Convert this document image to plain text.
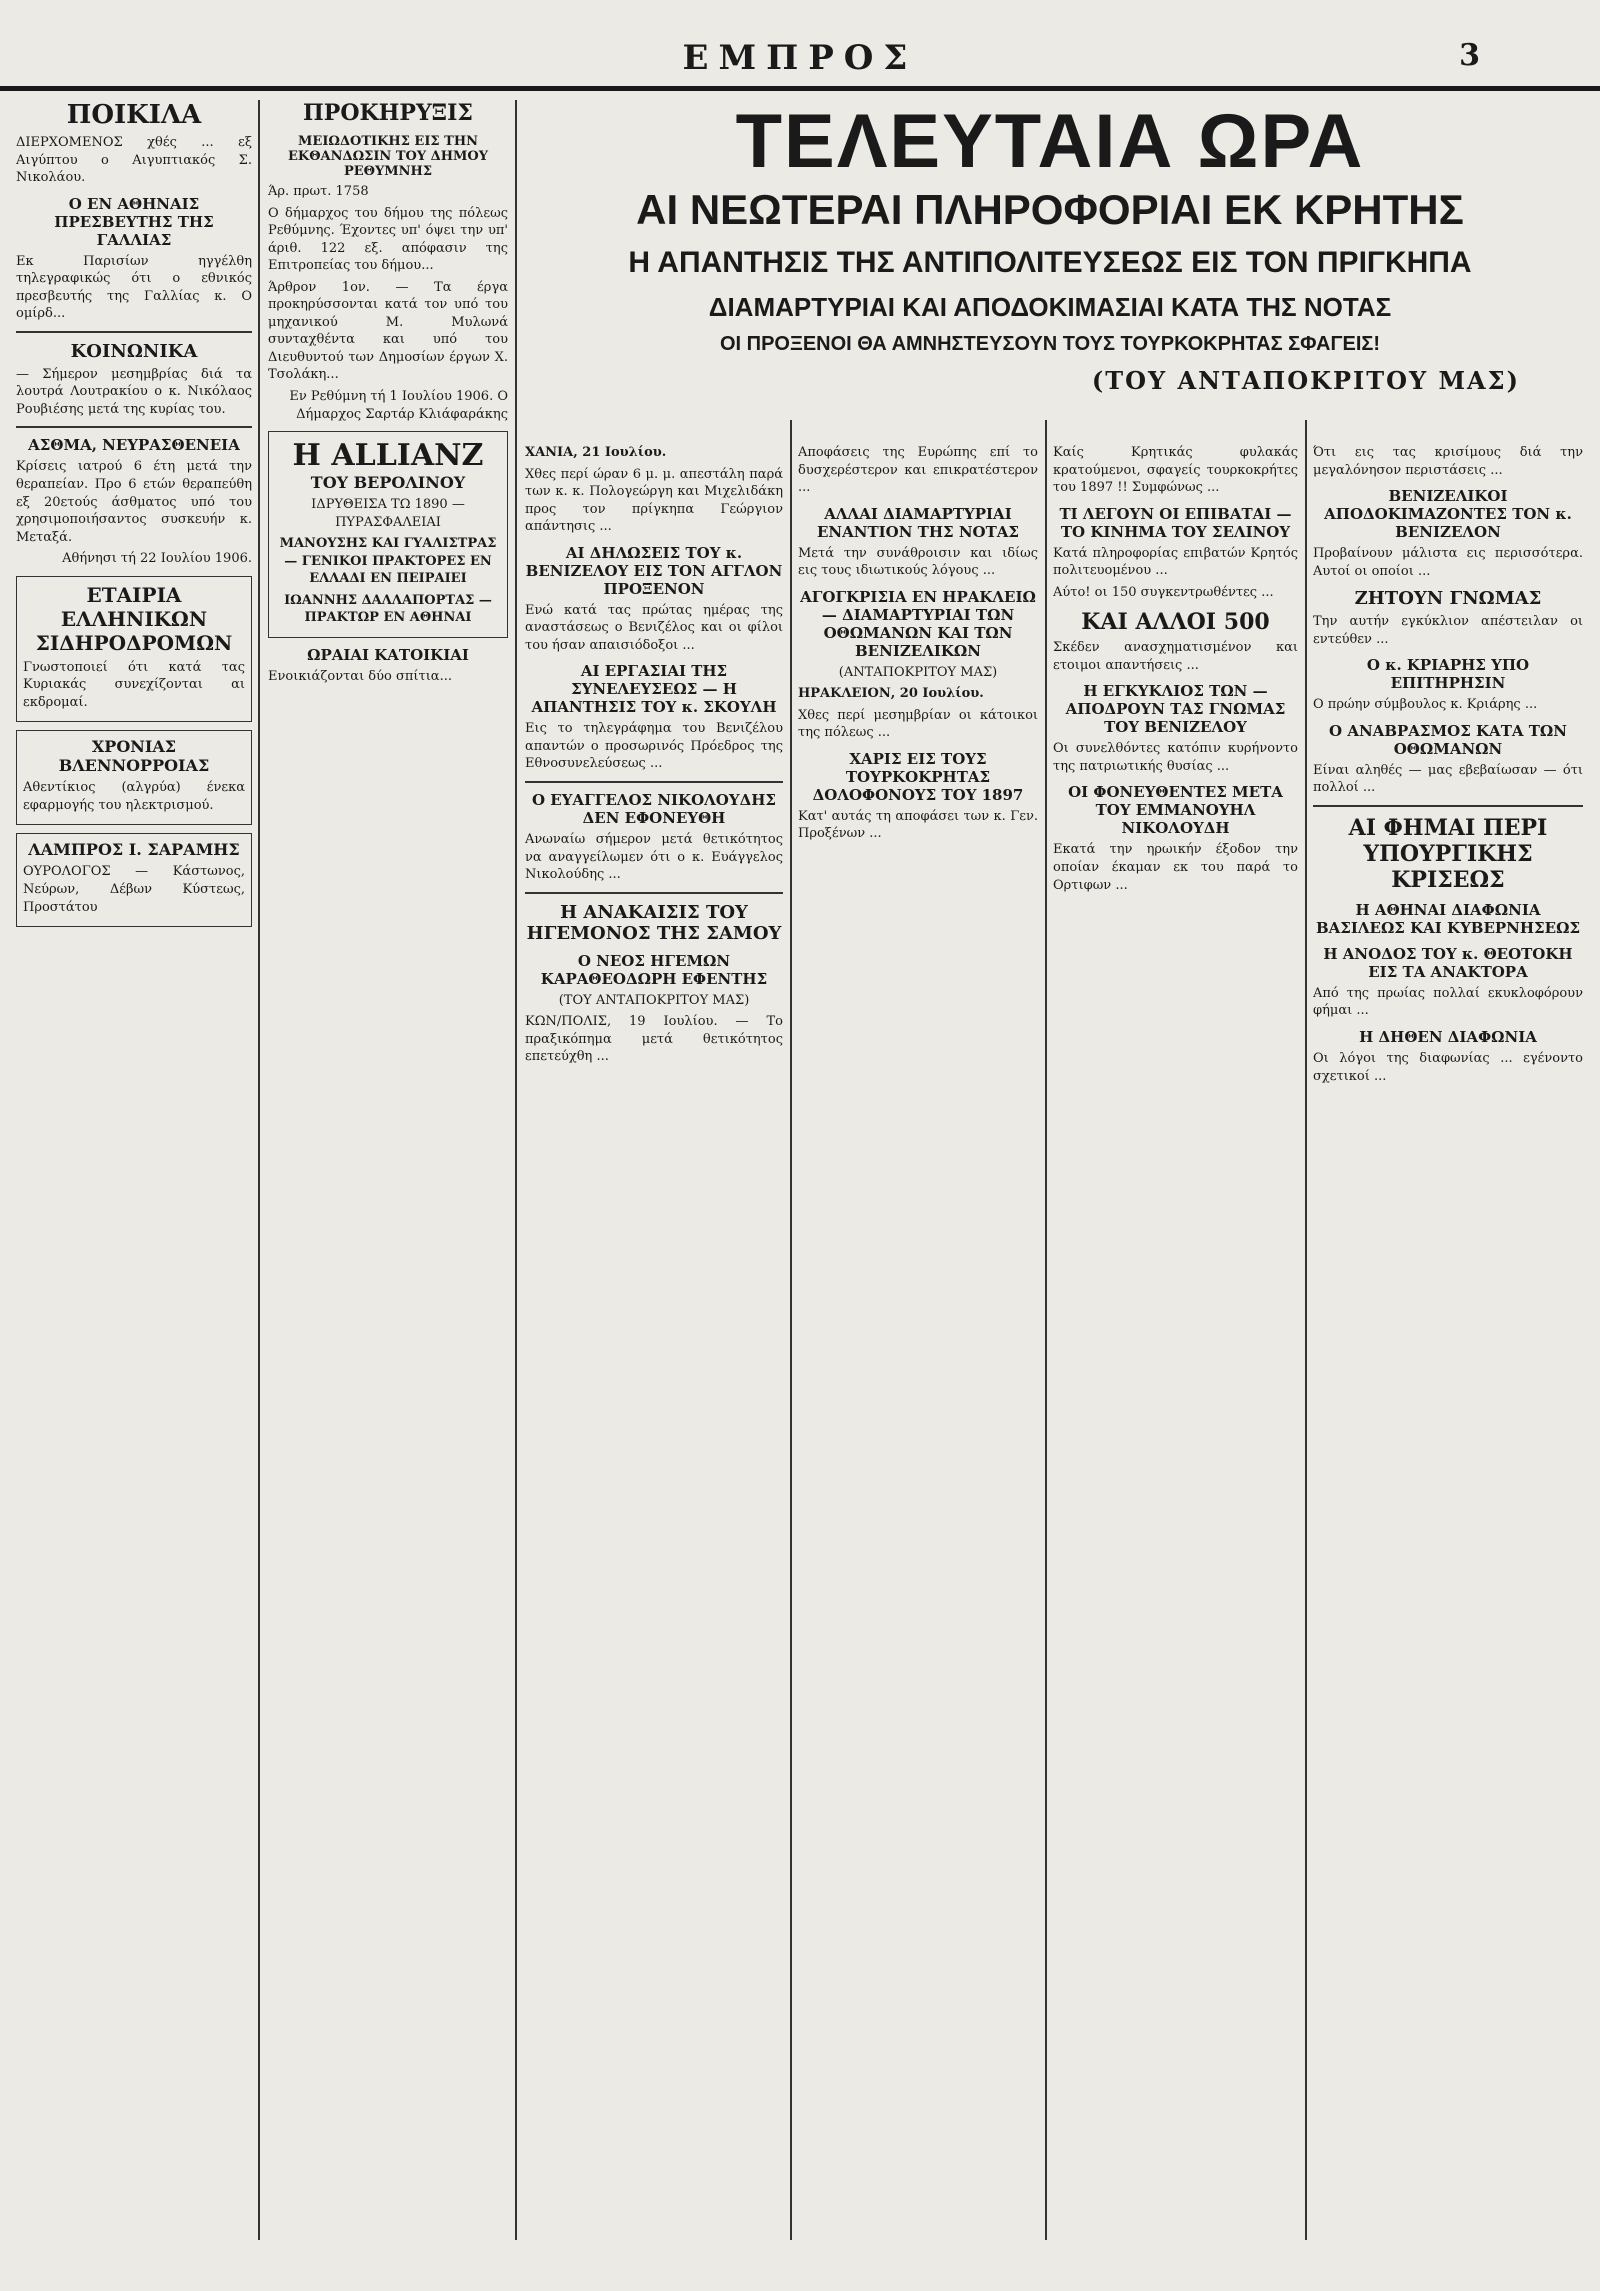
ΕΜΠΡΟΣ	3
ΠΟΙΚΙΛΑ

ΔΙΕΡΧΟΜΕΝΟΣ χθές ... εξ Αιγύπτου ο Αιγυπτιακός Σ. Νικολάου.

Ο ΕΝ ΑΘΗΝΑΙΣ ΠΡΕΣΒΕΥΤΗΣ ΤΗΣ ΓΑΛΛΙΑΣ

Εκ Παρισίων ηγγέλθη τηλεγραφικώς ότι ο εθνικός πρεσβευτής της Γαλλίας κ. Ο ομίρδ...

ΚΟΙΝΩΝΙΚΑ

— Σήμερον μεσημβρίας διά τα λουτρά Λουτρακίου ο κ. Νικόλαος Ρουβιέσης μετά της κυρίας του.

ΑΣΘΜΑ, ΝΕΥΡΑΣΘΕΝΕΙΑ

Κρίσεις ιατρού 6 έτη μετά την θεραπείαν. Προ 6 ετών θεραπεύθη εξ 20ετούς άσθματος υπό του χρησιμοποιήσαντος συσκευήν κ. Μεταξά.

Αθήνησι τή 22 Ιουλίου 1906.

ΕΤΑΙΡΙΑ ΕΛΛΗΝΙΚΩΝ ΣΙΔΗΡΟΔΡΟΜΩΝ

Γνωστοποιεί ότι κατά τας Κυριακάς συνεχίζονται αι εκδρομαί.

ΧΡΟΝΙΑΣ ΒΛΕΝΝΟΡΡΟΙΑΣ

Αθεντίκιος (αλγρύα) ένεκα εφαρμογής του ηλεκτρισμού.

ΛΑΜΠΡΟΣ Ι. ΣΑΡΑΜΗΣ

ΟΥΡΟΛΟΓΟΣ — Κάστωνος, Νεύρων, Δέβων Κύστεως, Προστάτου

ΠΡΟΚΗΡΥΞΙΣ
ΜΕΙΩΔΟΤΙΚΗΣ ΕΙΣ ΤΗΝ ΕΚΘΑΝΔΩΣΙΝ ΤΟΥ ΔΗΜΟΥ ΡΕΘΥΜΝΗΣ

Άρ. πρωτ. 1758

Ο δήμαρχος του δήμου της πόλεως Ρεθύμνης. Έχοντες υπ' όψει την υπ' άριθ. 122 εξ. απόφασιν της Επιτροπείας του δήμου...

Άρθρον 1ον. — Τα έργα προκηρύσσονται κατά τον υπό του μηχανικού Μ. Μυλωνά συνταχθέντα και υπό του Διευθυντού των Δημοσίων έργων Χ. Τσολάκη...

Εν Ρεθύμνη τή 1 Ιουλίου 1906. Ο Δήμαρχος Σαρτάρ Κλιάφαράκης

Η ALLIANZ
ΤΟΥ ΒΕΡΟΛΙΝΟΥ

ΙΔΡΥΘΕΙΣΑ ΤΩ 1890 — ΠΥΡΑΣΦΑΛΕΙΑΙ

ΜΑΝΟΥΣΗΣ ΚΑΙ ΓΥΑΛΙΣΤΡΑΣ — ΓΕΝΙΚΟΙ ΠΡΑΚΤΟΡΕΣ ΕΝ ΕΛΛΑΔΙ ΕΝ ΠΕΙΡΑΙΕΙ

ΙΩΑΝΝΗΣ ΔΑΛΛΑΠΟΡΤΑΣ — ΠΡΑΚΤΩΡ ΕΝ ΑΘΗΝΑΙ

ΩΡΑΙΑΙ ΚΑΤΟΙΚΙΑΙ

Ενοικιάζονται δύο σπίτια...

ΤΕΛΕΥΤΑΙΑ ΩΡΑ
ΑΙ ΝΕΩΤΕΡΑΙ ΠΛΗΡΟΦΟΡΙΑΙ ΕΚ ΚΡΗΤΗΣ
Η ΑΠΑΝΤΗΣΙΣ ΤΗΣ ΑΝΤΙΠΟΛΙΤΕΥΣΕΩΣ ΕΙΣ ΤΟΝ ΠΡΙΓΚΗΠΑ
ΔΙΑΜΑΡΤΥΡΙΑΙ ΚΑΙ ΑΠΟΔΟΚΙΜΑΣΙΑΙ ΚΑΤΑ ΤΗΣ ΝΟΤΑΣ
ΟΙ ΠΡΟΞΕΝΟΙ ΘΑ ΑΜΝΗΣΤΕΥΣΟΥΝ ΤΟΥΣ ΤΟΥΡΚΟΚΡΗΤΑΣ ΣΦΑΓΕΙΣ!
(ΤΟΥ ΑΝΤΑΠΟΚΡΙΤΟΥ ΜΑΣ)

ΧΑΝΙΑ, 21 Ιουλίου.

Χθες περί ώραν 6 μ. μ. απεστάλη παρά των κ. κ. Πολογεώργη και Μιχελιδάκη προς τον πρίγκηπα Γεώργιον απάντησις ...

ΑΙ ΔΗΛΩΣΕΙΣ ΤΟΥ κ. ΒΕΝΙΖΕΛΟΥ ΕΙΣ ΤΟΝ ΑΓΓΛΟΝ ΠΡΟΞΕΝΟΝ

Ενώ κατά τας πρώτας ημέρας της αναστάσεως ο Βενιζέλος και οι φίλοι του ήσαν απαισιόδοξοι ...

ΑΙ ΕΡΓΑΣΙΑΙ ΤΗΣ ΣΥΝΕΛΕΥΣΕΩΣ — Η ΑΠΑΝΤΗΣΙΣ ΤΟΥ κ. ΣΚΟΥΛΗ

Εις το τηλεγράφημα του Βενιζέλου απαντών ο προσωρινός Πρόεδρος της Εθνοσυνελεύσεως ...

Ο ΕΥΑΓΓΕΛΟΣ ΝΙΚΟΛΟΥΔΗΣ ΔΕΝ ΕΦΟΝΕΥΘΗ

Ανωναίω σήμερον μετά θετικότητος να αναγγείλωμεν ότι ο κ. Ευάγγελος Νικολούδης ...

Η ΑΝΑΚΑΙΣΙΣ ΤΟΥ ΗΓΕΜΟΝΟΣ ΤΗΣ ΣΑΜΟΥ
Ο ΝΕΟΣ ΗΓΕΜΩΝ ΚΑΡΑΘΕΟΔΩΡΗ ΕΦΕΝΤΗΣ

(ΤΟΥ ΑΝΤΑΠΟΚΡΙΤΟΥ ΜΑΣ)

ΚΩΝ/ΠΟΛΙΣ, 19 Ιουλίου. — Το πραξικόπημα μετά θετικότητος επετεύχθη ...

Αποφάσεις της Ευρώπης επί το δυσχερέστερον και επικρατέστερον ...

ΑΛΛΑΙ ΔΙΑΜΑΡΤΥΡΙΑΙ ΕΝΑΝΤΙΟΝ ΤΗΣ ΝΟΤΑΣ

Μετά την συνάθροισιν και ιδίως εις τους ιδιωτικούς λόγους ...

ΑΓΟΓΚΡΙΣΙΑ ΕΝ ΗΡΑΚΛΕΙΩ — ΔΙΑΜΑΡΤΥΡΙΑΙ ΤΩΝ ΟΘΩΜΑΝΩΝ ΚΑΙ ΤΩΝ ΒΕΝΙΖΕΛΙΚΩΝ

(ΑΝΤΑΠΟΚΡΙΤΟΥ ΜΑΣ)

ΗΡΑΚΛΕΙΟΝ, 20 Ιουλίου.

Χθες περί μεσημβρίαν οι κάτοικοι της πόλεως ...

ΧΑΡΙΣ ΕΙΣ ΤΟΥΣ ΤΟΥΡΚΟΚΡΗΤΑΣ ΔΟΛΟΦΟΝΟΥΣ ΤΟΥ 1897

Κατ' αυτάς τη αποφάσει των κ. Γεν. Προξένων ...

Καίς Κρητικάς φυλακάς κρατούμενοι, σφαγείς τουρκοκρήτες του 1897 !! Συμφώνως ...

ΤΙ ΛΕΓΟΥΝ ΟΙ ΕΠΙΒΑΤΑΙ — ΤΟ ΚΙΝΗΜΑ ΤΟΥ ΣΕΛΙΝΟΥ

Κατά πληροφορίας επιβατών Κρητός πολιτευομένου ...

Αύτο! οι 150 συγκεντρωθέντες ...

ΚΑΙ ΑΛΛΟΙ 500

Σκέδεν ανασχηματισμένον και ετοιμοι απαντήσεις ...

Η ΕΓΚΥΚΛΙΟΣ ΤΩΝ — ΑΠΟΔΡΟΥΝ ΤΑΣ ΓΝΩΜΑΣ ΤΟΥ ΒΕΝΙΖΕΛΟΥ

Οι συνελθόντες κατόπιν κυρήνοντο της πατριωτικής θυσίας ...

ΟΙ ΦΟΝΕΥΘΕΝΤΕΣ ΜΕΤΑ ΤΟΥ ΕΜΜΑΝΟΥΗΛ ΝΙΚΟΛΟΥΔΗ

Εκατά την ηρωικήν έξοδον την οποίαν έκαμαν εκ του παρά το Ορτιφων ...

Ότι εις τας κρισίμους διά την μεγαλόνησον περιστάσεις ...

ΒΕΝΙΖΕΛΙΚΟΙ ΑΠΟΔΟΚΙΜΑΖΟΝΤΕΣ ΤΟΝ κ. ΒΕΝΙΖΕΛΟΝ

Προβαίνουν μάλιστα εις περισσότερα. Αυτοί οι οποίοι ...

ΖΗΤΟΥΝ ΓΝΩΜΑΣ

Την αυτήν εγκύκλιον απέστειλαν οι εντεύθεν ...

Ο κ. ΚΡΙΑΡΗΣ ΥΠΟ ΕΠΙΤΗΡΗΣΙΝ

Ο πρώην σύμβουλος κ. Κριάρης ...

Ο ΑΝΑΒΡΑΣΜΟΣ ΚΑΤΑ ΤΩΝ ΟΘΩΜΑΝΩΝ

Είναι αληθές — μας εβεβαίωσαν — ότι πολλοί ...

ΑΙ ΦΗΜΑΙ ΠΕΡΙ ΥΠΟΥΡΓΙΚΗΣ ΚΡΙΣΕΩΣ
Η ΑΘΗΝΑΙ ΔΙΑΦΩΝΙΑ ΒΑΣΙΛΕΩΣ ΚΑΙ ΚΥΒΕΡΝΗΣΕΩΣ
Η ΑΝΟΔΟΣ ΤΟΥ κ. ΘΕΟΤΟΚΗ ΕΙΣ ΤΑ ΑΝΑΚΤΟΡΑ

Από της πρωίας πολλαί εκυκλοφόρουν φήμαι ...

Η ΔΗΘΕΝ ΔΙΑΦΩΝΙΑ

Οι λόγοι της διαφωνίας ... εγένοντο σχετικοί ...
